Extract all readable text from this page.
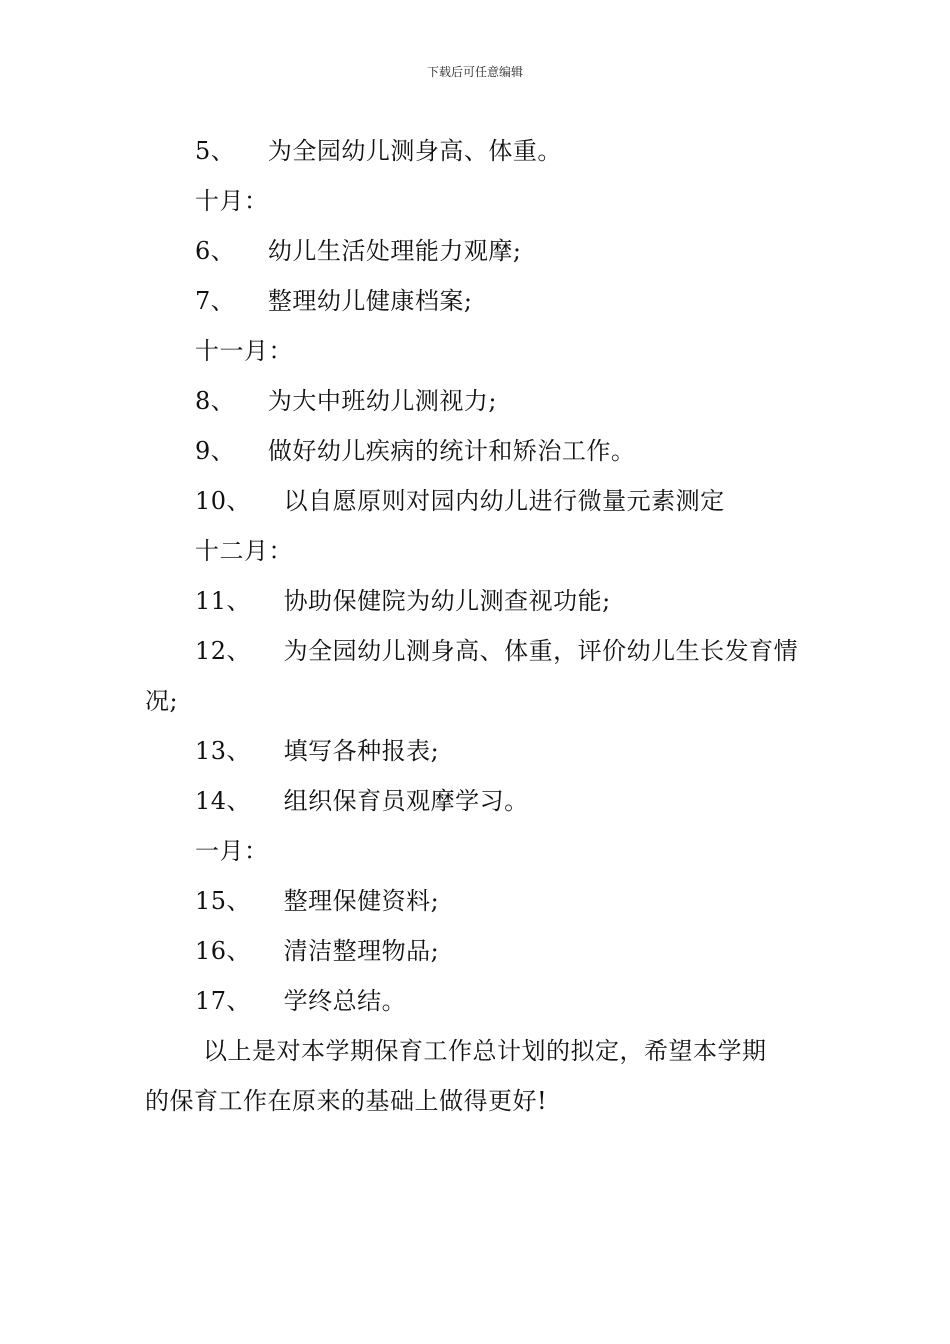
下载后可任意编辑
5、 为全园幼儿测身高、体重。
十月：
6、 幼儿生活处理能力观摩;
7、 整理幼儿健康档案;
十一月：
8、 为大中班幼儿测视力;
9、 做好幼儿疾病的统计和矫治工作。
10、 以自愿原则对园内幼儿进行微量元素测定
十二月：
11、 协助保健院为幼儿测查视功能;
12、 为全园幼儿测身高、体重，评价幼儿生长发育情
况;
13、 填写各种报表;
14、 组织保育员观摩学习。
一月：
15、 整理保健资料;
16、 清洁整理物品;
17、 学终总结。
以上是对本学期保育工作总计划的拟定，希望本学期
的保育工作在原来的基础上做得更好!
